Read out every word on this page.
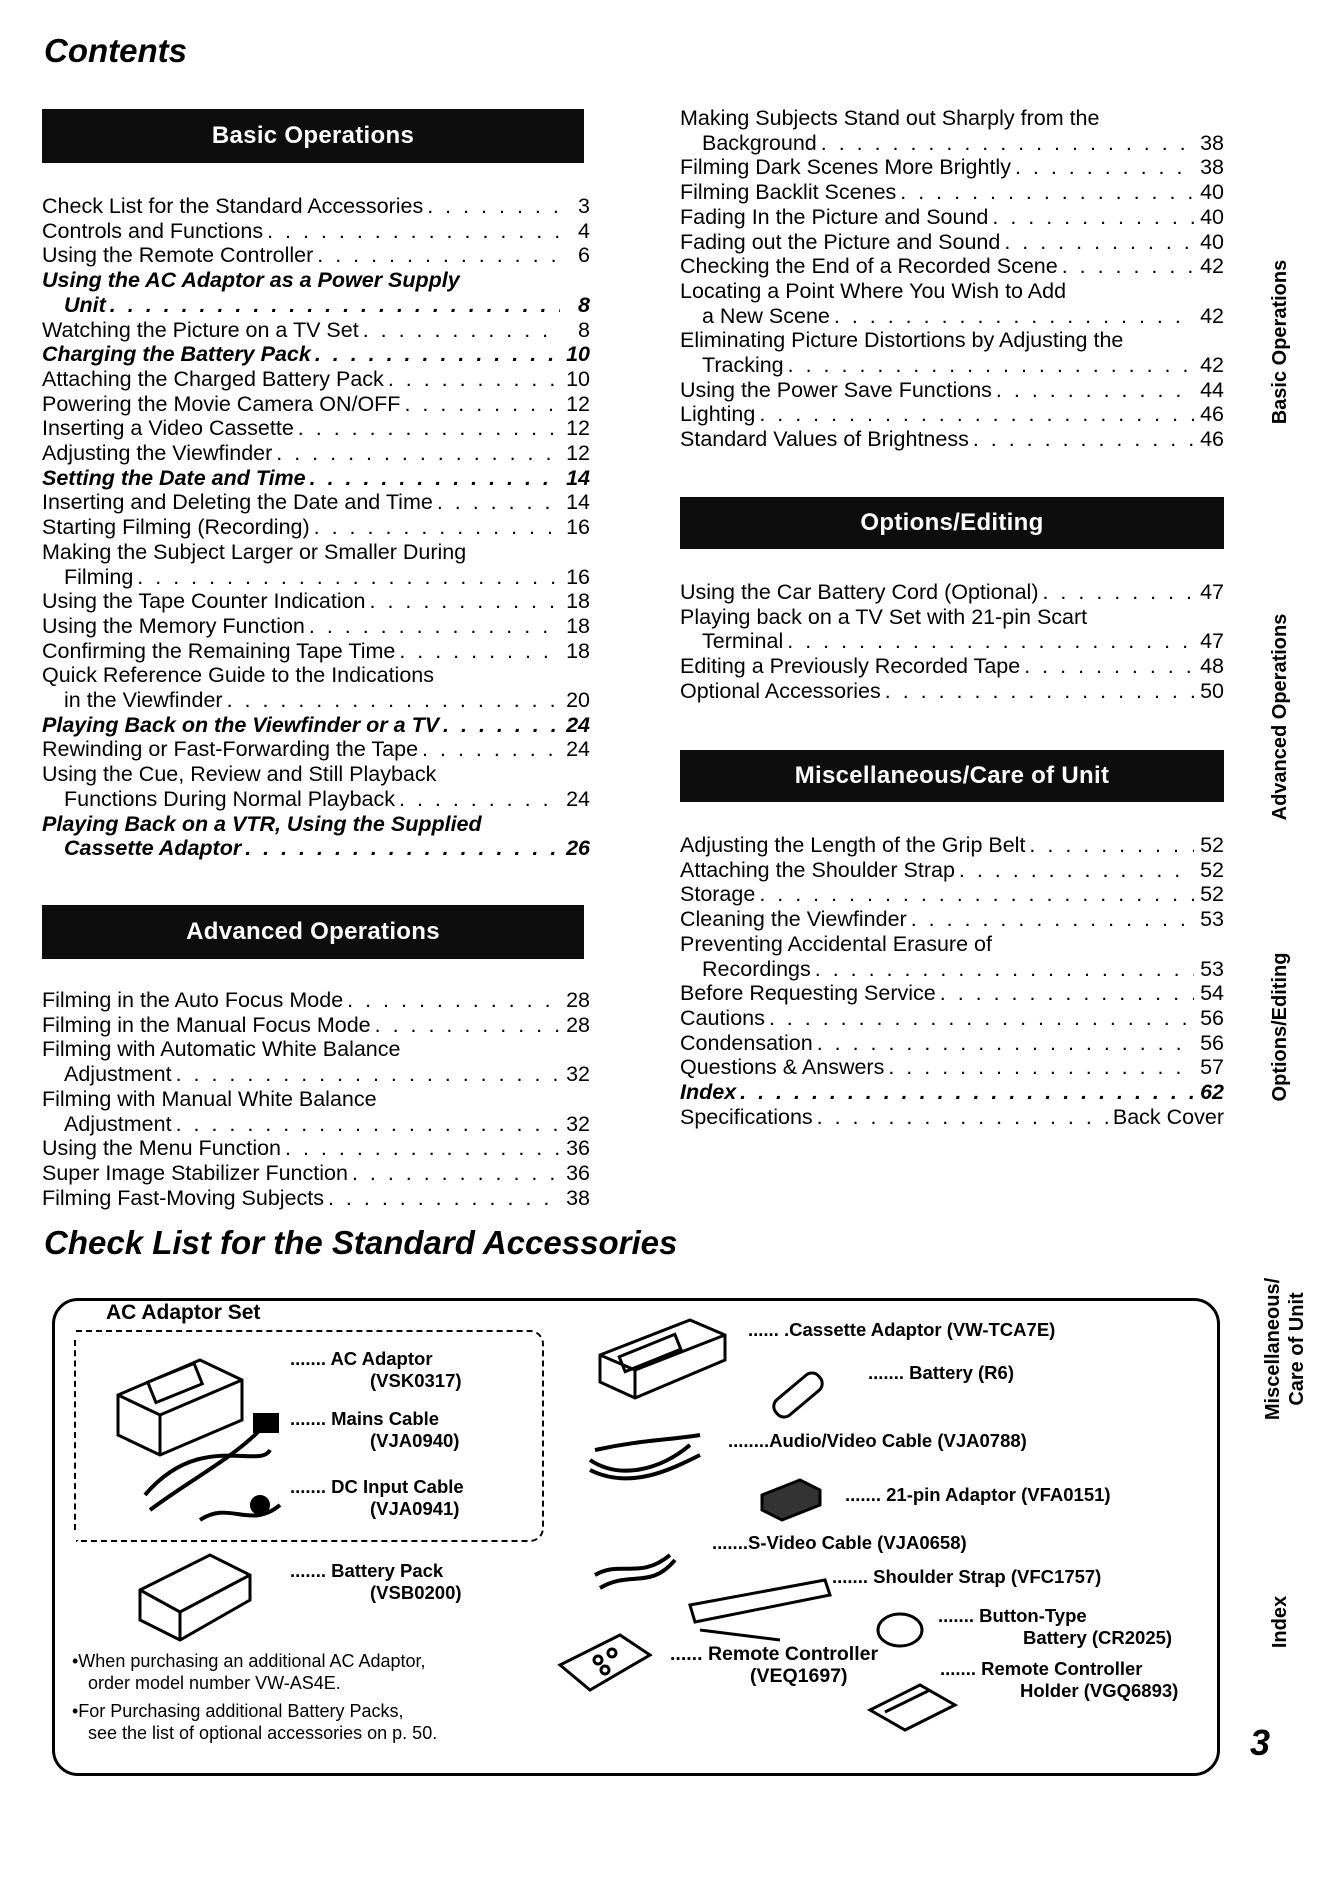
Contents
Basic Operations
Check List for the Standard Accessories . . .	3
Controls and Functions . . .	4
Using the Remote Controller . . .	6
Using the AC Adaptor as a Power Supply
Unit . . .	8
Watching the Picture on a TV Set . . .	8
Charging the Battery Pack . . .	10
Attaching the Charged Battery Pack . . .	10
Powering the Movie Camera ON/OFF . . .	12
Inserting a Video Cassette . . .	12
Adjusting the Viewfinder . . .	12
Setting the Date and Time . . .	14
Inserting and Deleting the Date and Time . . .	14
Starting Filming (Recording) . . .	16
Making the Subject Larger or Smaller During
Filming . . .	16
Using the Tape Counter Indication . . .	18
Using the Memory Function . . .	18
Confirming the Remaining Tape Time . . .	18
Quick Reference Guide to the Indications
in the Viewfinder . . .	20
Playing Back on the Viewfinder or a TV . . .	24
Rewinding or Fast-Forwarding the Tape . . .	24
Using the Cue, Review and Still Playback
Functions During Normal Playback . . .	24
Playing Back on a VTR, Using the Supplied
Cassette Adaptor . . .	26
Advanced Operations
Filming in the Auto Focus Mode . . .	28
Filming in the Manual Focus Mode . . .	28
Filming with Automatic White Balance
Adjustment . . .	32
Filming with Manual White Balance
Adjustment . . .	32
Using the Menu Function . . .	36
Super Image Stabilizer Function . . .	36
Filming Fast-Moving Subjects . . .	38
Making Subjects Stand out Sharply from the
Background . . .	38
Filming Dark Scenes More Brightly . . .	38
Filming Backlit Scenes . . .	40
Fading In the Picture and Sound . . .	40
Fading out the Picture and Sound . . .	40
Checking the End of a Recorded Scene . . .	42
Locating a Point Where You Wish to Add
a New Scene . . .	42
Eliminating Picture Distortions by Adjusting the
Tracking . . .	42
Using the Power Save Functions . . .	44
Lighting . . .	46
Standard Values of Brightness . . .	46
Options/Editing
Using the Car Battery Cord (Optional) . . .	47
Playing back on a TV Set with 21-pin Scart
Terminal . . .	47
Editing a Previously Recorded Tape . . .	48
Optional Accessories . . .	50
Miscellaneous/Care of Unit
Adjusting the Length of the Grip Belt . . .	52
Attaching the Shoulder Strap . . .	52
Storage . . .	52
Cleaning the Viewfinder . . .	53
Preventing Accidental Erasure of
Recordings . . .	53
Before Requesting Service . . .	54
Cautions . . .	56
Condensation . . .	56
Questions & Answers . . .	57
Index . . .	62
Specifications . . .	Back Cover
Basic Operations
Advanced Operations
Options/Editing
Miscellaneous/ Care of Unit
Index
Check List for the Standard Accessories
AC Adaptor Set
....... AC Adaptor
(VSK0317)
....... Mains Cable
(VJA0940)
....... DC Input Cable
(VJA0941)
....... Battery Pack
(VSB0200)
...... .Cassette Adaptor (VW-TCA7E)
....... Battery (R6)
........Audio/Video Cable (VJA0788)
....... 21-pin Adaptor (VFA0151)
.......S-Video Cable (VJA0658)
....... Shoulder Strap (VFC1757)
....... Button-Type
Battery (CR2025)
...... Remote Controller
(VEQ1697)	....... Remote Controller
Holder (VGQ6893)
•When purchasing an additional AC Adaptor,
order model number VW-AS4E.
•For Purchasing additional Battery Packs,
see the list of optional accessories on p. 50.	3
